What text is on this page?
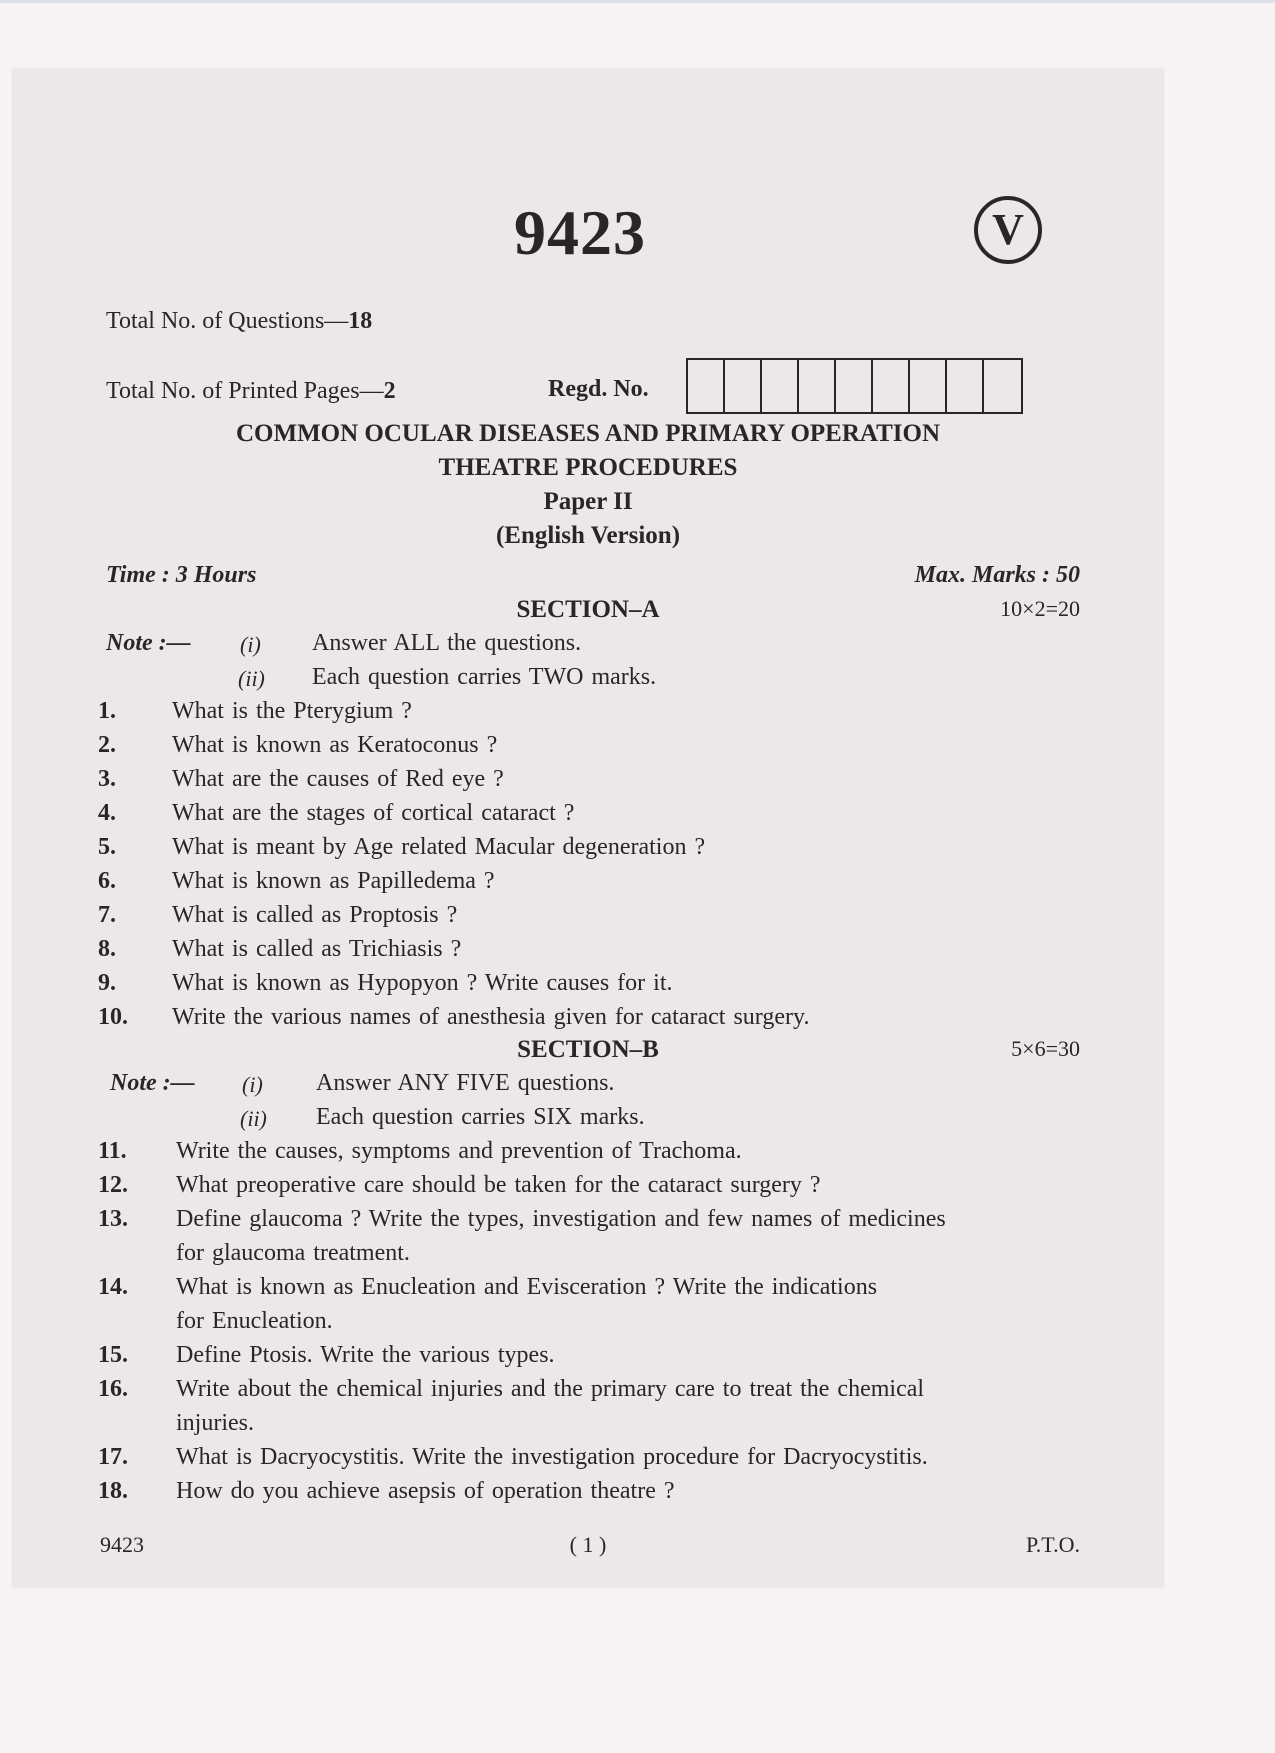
9423	V
Total No. of Questions—18
Total No. of Printed Pages—2	Regd. No.
COMMON OCULAR DISEASES AND PRIMARY OPERATION
THEATRE PROCEDURES
Paper II
(English Version)
Time : 3 Hours	Max. Marks : 50
SECTION–A	10×2=20
Note :— (i) Answer ALL the questions.
(ii) Each question carries TWO marks.
1. What is the Pterygium ?
2. What is known as Keratoconus ?
3. What are the causes of Red eye ?
4. What are the stages of cortical cataract ?
5. What is meant by Age related Macular degeneration ?
6. What is known as Papilledema ?
7. What is called as Proptosis ?
8. What is called as Trichiasis ?
9. What is known as Hypopyon ? Write causes for it.
10. Write the various names of anesthesia given for cataract surgery.
SECTION–B	5×6=30
Note :— (i) Answer ANY FIVE questions.
(ii) Each question carries SIX marks.
11. Write the causes, symptoms and prevention of Trachoma.
12. What preoperative care should be taken for the cataract surgery ?
13. Define glaucoma ? Write the types, investigation and few names of medicines
for glaucoma treatment.
14. What is known as Enucleation and Evisceration ? Write the indications
for Enucleation.
15. Define Ptosis. Write the various types.
16. Write about the chemical injuries and the primary care to treat the chemical
injuries.
17. What is Dacryocystitis. Write the investigation procedure for Dacryocystitis.
18. How do you achieve asepsis of operation theatre ?
9423	( 1 )	P.T.O.
